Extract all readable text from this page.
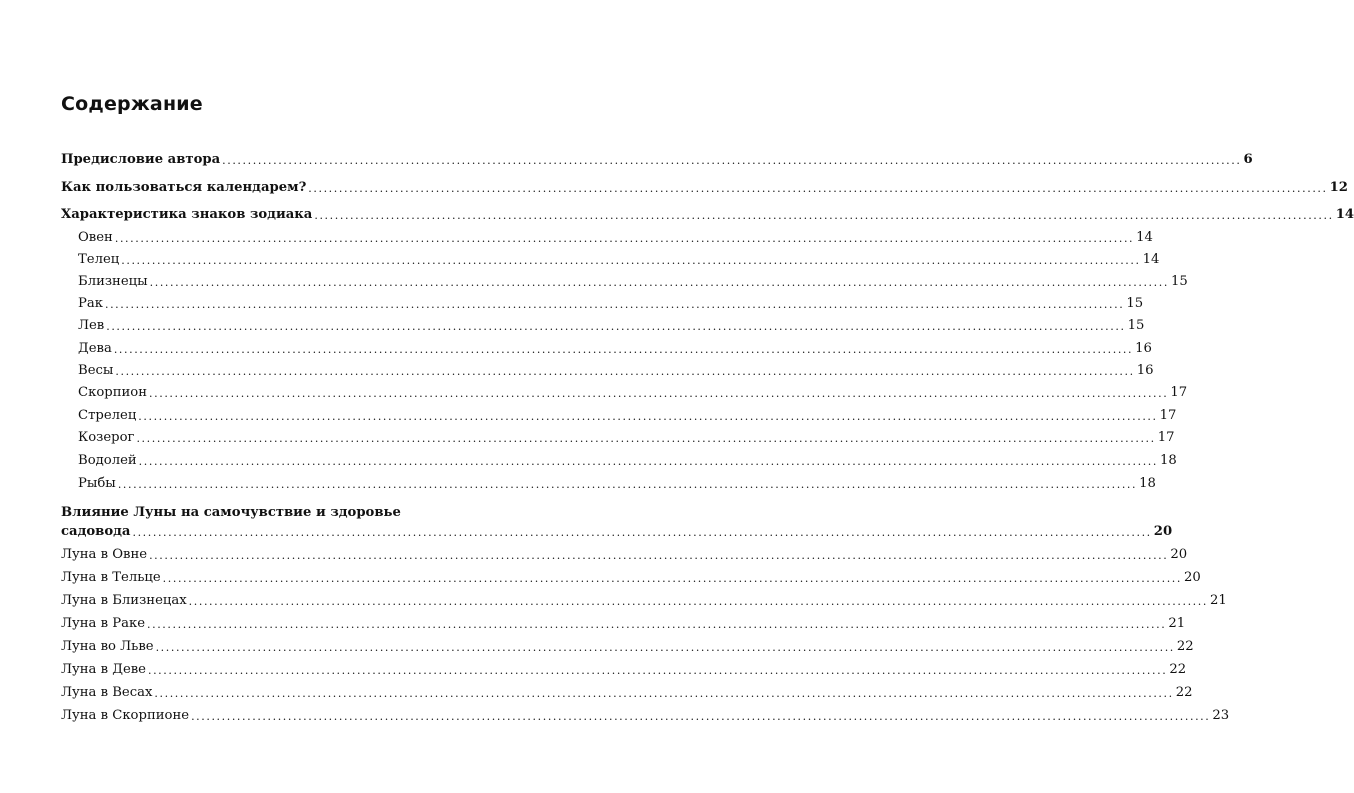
Содержание
Предисловие автора ........................................................................................................................................................................................................ 6
Как пользоваться календарем? ........................................................................................................................................................................................................ 12
Характеристика знаков зодиака ........................................................................................................................................................................................................ 14
Овен ........................................................................................................................................................................................................ 14
Телец ........................................................................................................................................................................................................ 14
Близнецы ........................................................................................................................................................................................................ 15
Рак ........................................................................................................................................................................................................ 15
Лев ........................................................................................................................................................................................................ 15
Дева ........................................................................................................................................................................................................ 16
Весы ........................................................................................................................................................................................................ 16
Скорпион ........................................................................................................................................................................................................ 17
Стрелец ........................................................................................................................................................................................................ 17
Козерог ........................................................................................................................................................................................................ 17
Водолей ........................................................................................................................................................................................................ 18
Рыбы ........................................................................................................................................................................................................ 18
Влияние Луны на самочувствие и здоровье
садовода ........................................................................................................................................................................................................ 20
Луна в Овне ........................................................................................................................................................................................................ 20
Луна в Тельце ........................................................................................................................................................................................................ 20
Луна в Близнецах ........................................................................................................................................................................................................ 21
Луна в Раке ........................................................................................................................................................................................................ 21
Луна во Льве ........................................................................................................................................................................................................ 22
Луна в Деве ........................................................................................................................................................................................................ 22
Луна в Весах ........................................................................................................................................................................................................ 22
Луна в Скорпионе ........................................................................................................................................................................................................ 23
